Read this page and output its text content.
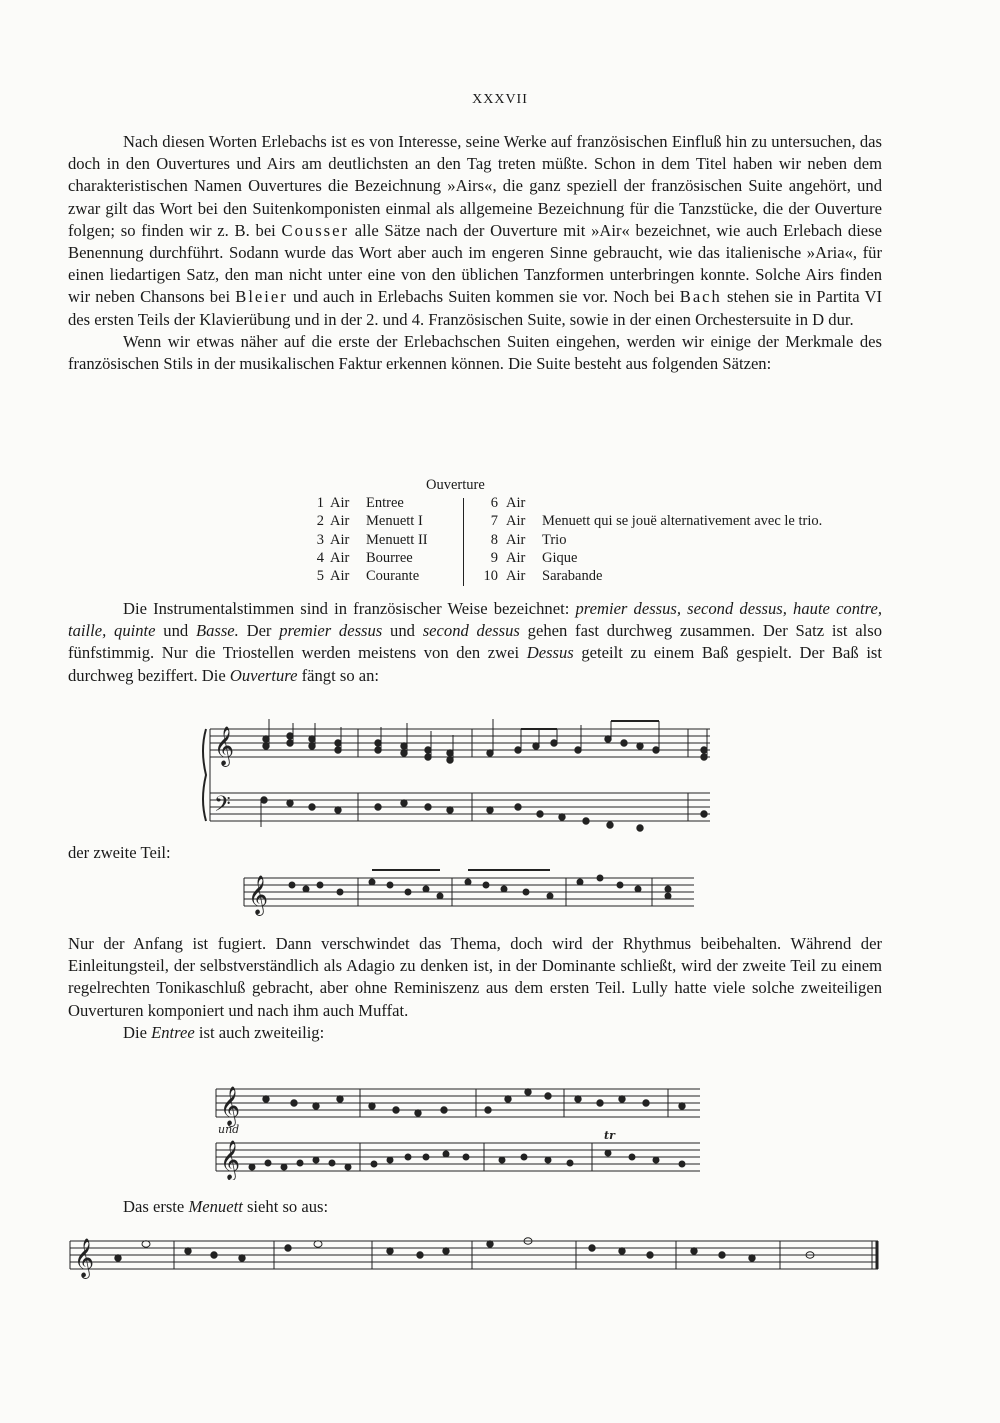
XXXVII

Nach diesen Worten Erlebachs ist es von Interesse, seine Werke auf französischen Einfluß hin zu untersuchen, das doch in den Ouvertures und Airs am deutlichsten an den Tag treten müßte. Schon in dem Titel haben wir neben dem charakteristischen Namen Ouvertures die Bezeichnung »Airs«, die ganz speziell der französischen Suite angehört, und zwar gilt das Wort bei den Suitenkomponisten einmal als allgemeine Bezeichnung für die Tanzstücke, die der Ouverture folgen; so finden wir z. B. bei Cousser alle Sätze nach der Ouverture mit »Air« bezeichnet, wie auch Erlebach diese Benennung durchführt. Sodann wurde das Wort aber auch im engeren Sinne gebraucht, wie das italienische »Aria«, für einen liedartigen Satz, den man nicht unter eine von den üblichen Tanzformen unterbringen konnte. Solche Airs finden wir neben Chansons bei Bleier und auch in Erlebachs Suiten kommen sie vor. Noch bei Bach stehen sie in Partita VI des ersten Teils der Klavierübung und in der 2. und 4. Französischen Suite, sowie in der einen Orchestersuite in D dur.

Wenn wir etwas näher auf die erste der Erlebachschen Suiten eingehen, werden wir einige der Merkmale des französischen Stils in der musikalischen Faktur erkennen können. Die Suite besteht aus folgenden Sätzen:

Ouverture
1 Air Entree
2 Air Menuett I
3 Air Menuett II
4 Air Bourree
5 Air Courante
6 Air
7 Air Menuett qui se jouë alternativement avec le trio.
8 Air Trio
9 Air Gique
10 Air Sarabande

Die Instrumentalstimmen sind in französischer Weise bezeichnet: premier dessus, second dessus, haute contre, taille, quinte und Basse. Der premier dessus und second dessus gehen fast durchweg zusammen. Der Satz ist also fünfstimmig. Nur die Triostellen werden meistens von den zwei Dessus geteilt zu einem Baß gespielt. Der Baß ist durchweg beziffert. Die Ouverture fängt so an:

𝄞
𝄢
der zweite Teil:
𝄞

Nur der Anfang ist fugiert. Dann verschwindet das Thema, doch wird der Rhythmus beibehalten. Während der Einleitungsteil, der selbstverständlich als Adagio zu denken ist, in der Dominante schließt, wird der zweite Teil zu einem regelrechten Tonikaschluß gebracht, aber ohne Reminiszenz aus dem ersten Teil. Lully hatte viele solche zweiteiligen Ouverturen komponiert und nach ihm auch Muffat.

Die Entree ist auch zweiteilig:

𝄞
𝄞
und	tr

Das erste Menuett sieht so aus:

𝄞
